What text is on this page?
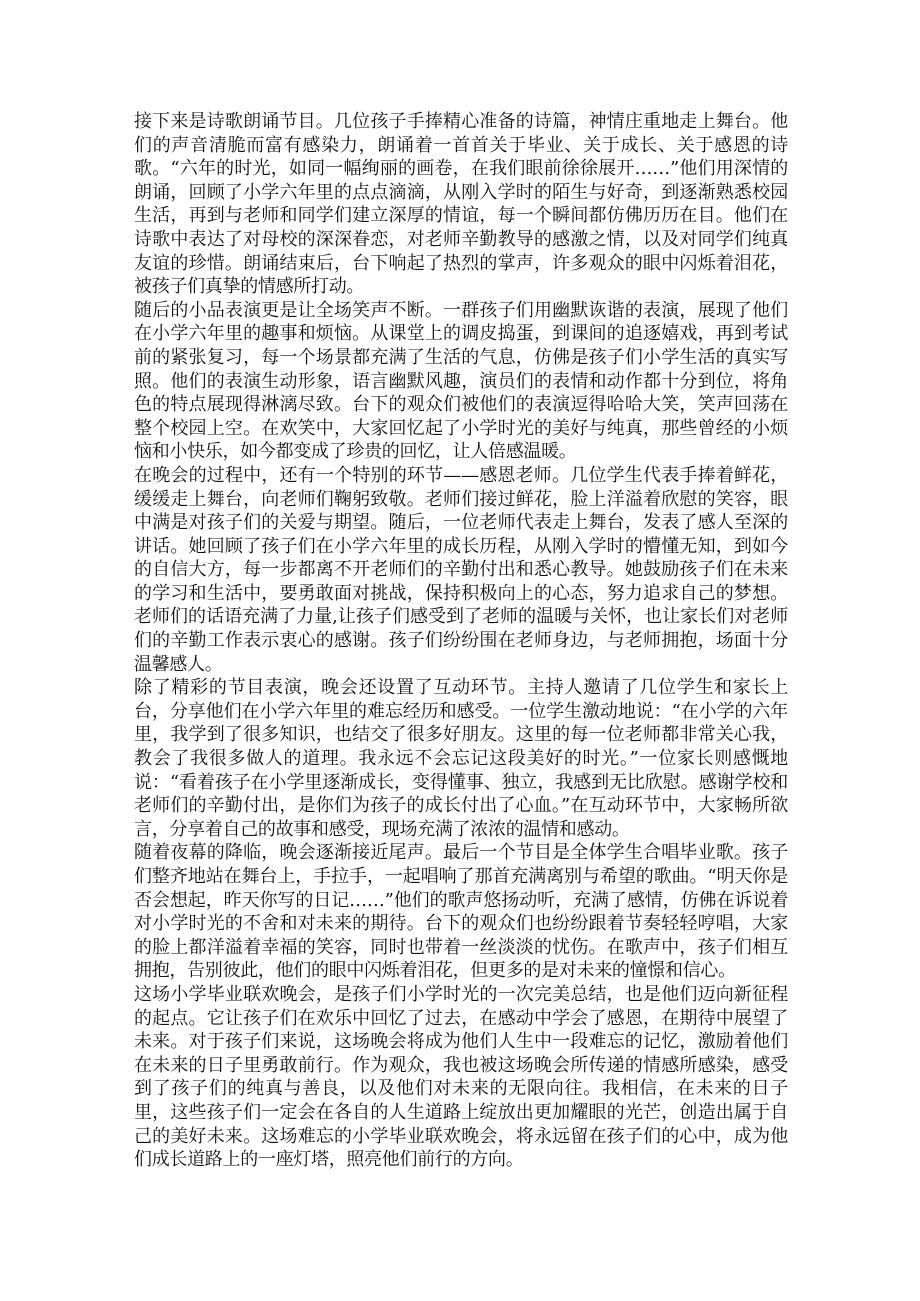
接下来是诗歌朗诵节目。几位孩子手捧精心准备的诗篇，神情庄重地走上舞台。他们的声音清脆而富有感染力，朗诵着一首首关于毕业、关于成长、关于感恩的诗歌。“六年的时光，如同一幅绚丽的画卷，在我们眼前徐徐展开……”他们用深情的朗诵，回顾了小学六年里的点点滴滴，从刚入学时的陌生与好奇，到逐渐熟悉校园生活，再到与老师和同学们建立深厚的情谊，每一个瞬间都仿佛历历在目。他们在诗歌中表达了对母校的深深眷恋，对老师辛勤教导的感激之情，以及对同学们纯真友谊的珍惜。朗诵结束后，台下响起了热烈的掌声，许多观众的眼中闪烁着泪花，被孩子们真挚的情感所打动。

随后的小品表演更是让全场笑声不断。一群孩子们用幽默诙谐的表演，展现了他们在小学六年里的趣事和烦恼。从课堂上的调皮捣蛋，到课间的追逐嬉戏，再到考试前的紧张复习，每一个场景都充满了生活的气息，仿佛是孩子们小学生活的真实写照。他们的表演生动形象，语言幽默风趣，演员们的表情和动作都十分到位，将角色的特点展现得淋漓尽致。台下的观众们被他们的表演逗得哈哈大笑，笑声回荡在整个校园上空。在欢笑中，大家回忆起了小学时光的美好与纯真，那些曾经的小烦恼和小快乐，如今都变成了珍贵的回忆，让人倍感温暖。

在晚会的过程中，还有一个特别的环节——感恩老师。几位学生代表手捧着鲜花，缓缓走上舞台，向老师们鞠躬致敬。老师们接过鲜花，脸上洋溢着欣慰的笑容，眼中满是对孩子们的关爱与期望。随后，一位老师代表走上舞台，发表了感人至深的讲话。她回顾了孩子们在小学六年里的成长历程，从刚入学时的懵懂无知，到如今的自信大方，每一步都离不开老师们的辛勤付出和悉心教导。她鼓励孩子们在未来的学习和生活中，要勇敢面对挑战，保持积极向上的心态，努力追求自己的梦想。老师们的话语充满了力量,让孩子们感受到了老师的温暖与关怀，也让家长们对老师们的辛勤工作表示衷心的感谢。孩子们纷纷围在老师身边，与老师拥抱，场面十分温馨感人。

除了精彩的节目表演，晚会还设置了互动环节。主持人邀请了几位学生和家长上台，分享他们在小学六年里的难忘经历和感受。一位学生激动地说：“在小学的六年里，我学到了很多知识，也结交了很多好朋友。这里的每一位老师都非常关心我，教会了我很多做人的道理。我永远不会忘记这段美好的时光。”一位家长则感慨地说：“看着孩子在小学里逐渐成长，变得懂事、独立，我感到无比欣慰。感谢学校和老师们的辛勤付出，是你们为孩子的成长付出了心血。”在互动环节中，大家畅所欲言，分享着自己的故事和感受，现场充满了浓浓的温情和感动。

随着夜幕的降临，晚会逐渐接近尾声。最后一个节目是全体学生合唱毕业歌。孩子们整齐地站在舞台上，手拉手，一起唱响了那首充满离别与希望的歌曲。“明天你是否会想起，昨天你写的日记……”他们的歌声悠扬动听，充满了感情，仿佛在诉说着对小学时光的不舍和对未来的期待。台下的观众们也纷纷跟着节奏轻轻哼唱，大家的脸上都洋溢着幸福的笑容，同时也带着一丝淡淡的忧伤。在歌声中，孩子们相互拥抱，告别彼此，他们的眼中闪烁着泪花，但更多的是对未来的憧憬和信心。

这场小学毕业联欢晚会，是孩子们小学时光的一次完美总结，也是他们迈向新征程的起点。它让孩子们在欢乐中回忆了过去，在感动中学会了感恩，在期待中展望了未来。对于孩子们来说，这场晚会将成为他们人生中一段难忘的记忆，激励着他们在未来的日子里勇敢前行。作为观众，我也被这场晚会所传递的情感所感染，感受到了孩子们的纯真与善良，以及他们对未来的无限向往。我相信，在未来的日子里，这些孩子们一定会在各自的人生道路上绽放出更加耀眼的光芒，创造出属于自己的美好未来。这场难忘的小学毕业联欢晚会，将永远留在孩子们的心中，成为他们成长道路上的一座灯塔，照亮他们前行的方向。
